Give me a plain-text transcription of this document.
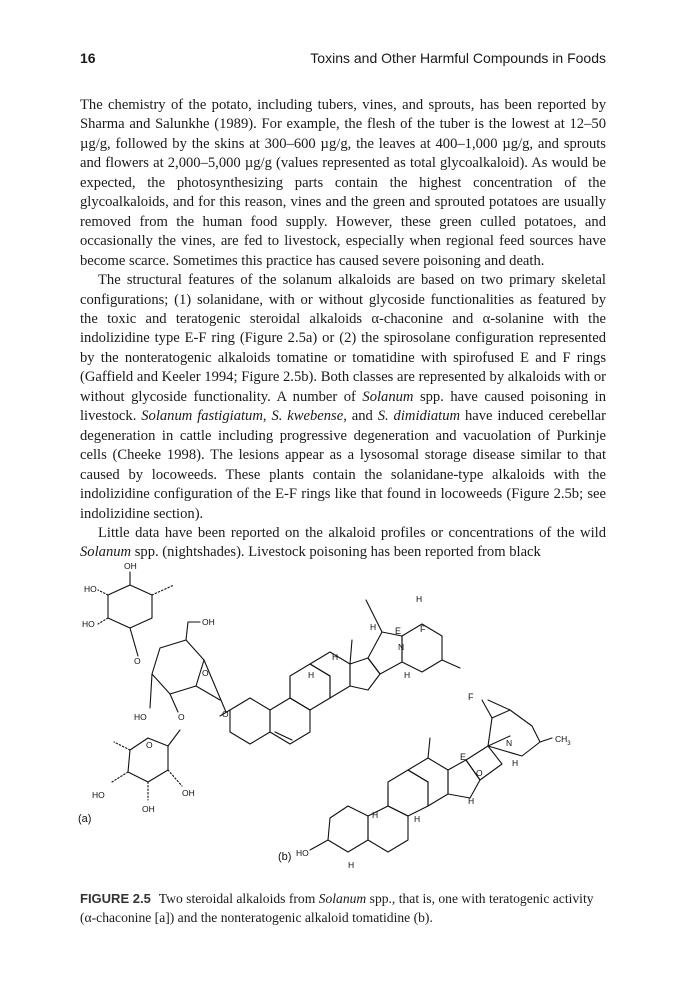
16	Toxins and Other Harmful Compounds in Foods

The chemistry of the potato, including tubers, vines, and sprouts, has been reported by Sharma and Salunkhe (1989). For example, the flesh of the tuber is the lowest at 12–50 µg/g, followed by the skins at 300–600 µg/g, the leaves at 400–1,000 µg/g, and sprouts and flowers at 2,000–5,000 µg/g (values represented as total glycoalkaloid). As would be expected, the photosynthesizing parts contain the highest concentration of the glycoalkaloids, and for this reason, vines and the green and sprouted potatoes are usually removed from the human food supply. However, these green culled potatoes, and occasionally the vines, are fed to livestock, especially when regional feed sources have become scarce. Sometimes this practice has caused severe poisoning and death.

The structural features of the solanum alkaloids are based on two primary skeletal configurations; (1) solanidane, with or without glycoside functionalities as featured by the toxic and teratogenic steroidal alkaloids α-chaconine and α-solanine with the indolizidine type E-F ring (Figure 2.5a) or (2) the spirosolane configuration represented by the nonteratogenic alkaloids tomatine or tomatidine with spirofused E and F rings (Gaffield and Keeler 1994; Figure 2.5b). Both classes are represented by alkaloids with or without glycoside functionality. A number of Solanum spp. have caused poisoning in livestock. Solanum fastigiatum, S. kwebense, and S. dimidiatum have induced cerebellar degeneration in cattle including progressive degeneration and vacuolation of Purkinje cells (Cheeke 1998). The lesions appear as a lysosomal storage disease similar to that caused by locoweeds. These plants contain the solanidane-type alkaloids with the indolizidine configuration of the E-F rings like that found in locoweeds (Figure 2.5b; see indolizidine section).

Little data have been reported on the alkaloid profiles or concentrations of the wild Solanum spp. (nightshades). Livestock poisoning has been reported from black

OH
HO
HO	OH
O
O
HO	O	O
O
HO	OH
OH
H
H
H
H
N
H
E F
(a)
HO
H
H	H
H
O
E
F
N
H
$CH_3$
(b)
FIGURE 2.5 Two steroidal alkaloids from Solanum spp., that is, one with teratogenic activity (α-chaconine [a]) and the nonteratogenic alkaloid tomatidine (b).
